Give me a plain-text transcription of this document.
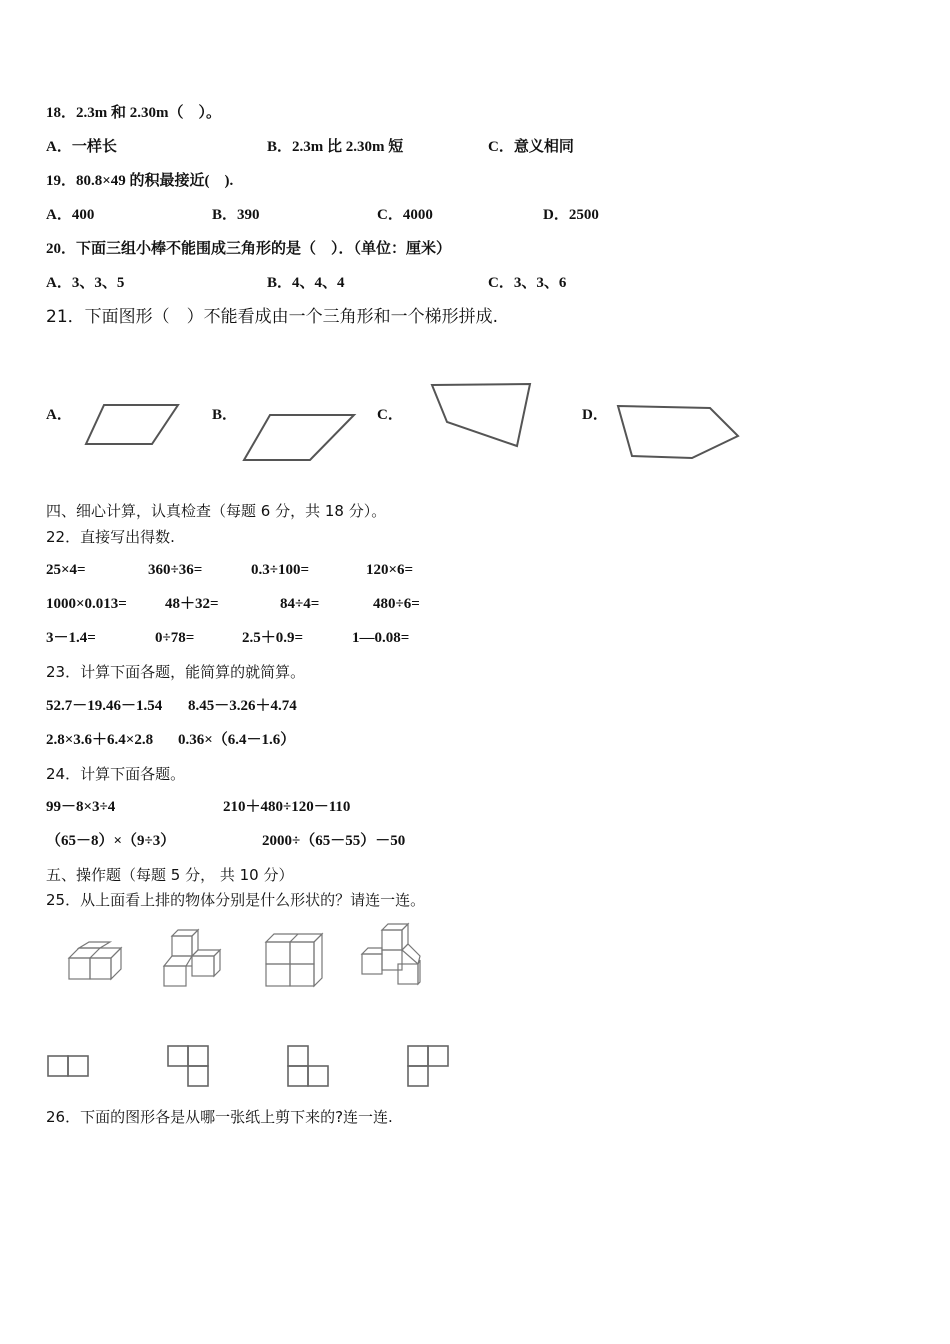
18．2.3m 和 2.30m（　）。
A．一样长	B．2.3m 比 2.30m 短	C．意义相同
19．80.8×49 的积最接近(　).
A．400	B．390	C．4000	D．2500
20．下面三组小棒不能围成三角形的是（　）．（单位：厘米）
A．3、3、5	B．4、4、4	C．3、3、6
21．下面图形（　）不能看成由一个三角形和一个梯形拼成.
A．	B．	C．	D．
四、细心计算，认真检查（每题 6 分，共 18 分）。
22．直接写出得数.
25×4=	360÷36=	0.3÷100=	120×6=
1000×0.013=	48＋32=	84÷4=	480÷6=
3－1.4=	0÷78=	2.5＋0.9=	1—0.08=
23．计算下面各题，能简算的就简算。
52.7－19.46－1.54 8.45－3.26＋4.74
2.8×3.6＋6.4×2.8 0.36×（6.4－1.6）
24．计算下面各题。
99－8×3÷4	210＋480÷120－110
（65－8）×（9÷3）	2000÷（65－55）－50
五、操作题（每题 5 分， 共 10 分）
25．从上面看上排的物体分别是什么形状的？请连一连。
26．下面的图形各是从哪一张纸上剪下来的?连一连.
